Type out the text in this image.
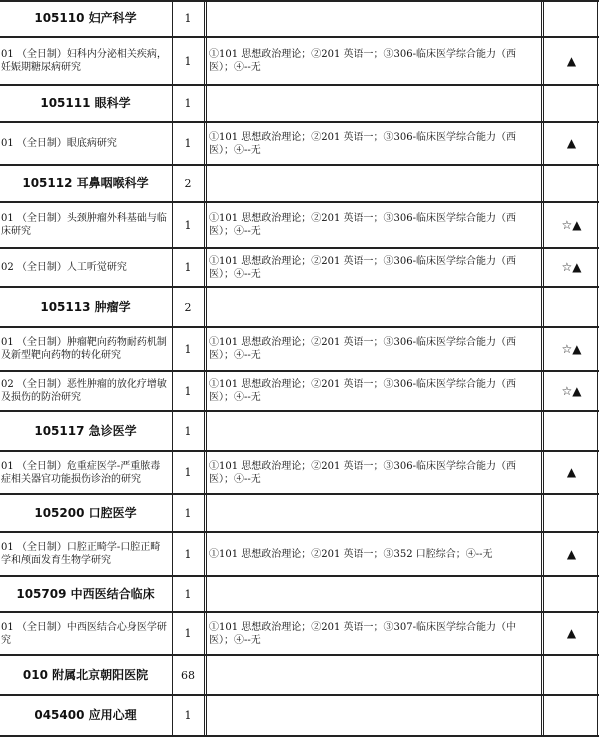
105110 妇产科学	1
01 （全日制）妇科内分泌相关疾病，妊娠期糖尿病研究	1	①101 思想政治理论；②201 英语一；③306-临床医学综合能力（西医）；④--无	▲
105111 眼科学	1
01 （全日制）眼底病研究	1	①101 思想政治理论；②201 英语一；③306-临床医学综合能力（西医）；④--无	▲
105112 耳鼻咽喉科学	2
01 （全日制）头颈肿瘤外科基础与临床研究	1	①101 思想政治理论；②201 英语一；③306-临床医学综合能力（西医）；④--无	☆▲
02 （全日制）人工听觉研究	1	①101 思想政治理论；②201 英语一；③306-临床医学综合能力（西医）；④--无	☆▲
105113 肿瘤学	2
01 （全日制）肿瘤靶向药物耐药机制及新型靶向药物的转化研究	1	①101 思想政治理论；②201 英语一；③306-临床医学综合能力（西医）；④--无	☆▲
02 （全日制）恶性肿瘤的放化疗增敏及损伤的防治研究	1	①101 思想政治理论；②201 英语一；③306-临床医学综合能力（西医）；④--无	☆▲
105117 急诊医学	1
01 （全日制）危重症医学-严重脓毒症相关器官功能损伤诊治的研究	1	①101 思想政治理论；②201 英语一；③306-临床医学综合能力（西医）；④--无	▲
105200 口腔医学	1
01 （全日制）口腔正畸学-口腔正畸学和颅面发育生物学研究	1	①101 思想政治理论；②201 英语一；③352 口腔综合；④--无	▲
105709 中西医结合临床	1
01 （全日制）中西医结合心身医学研究	1	①101 思想政治理论；②201 英语一；③307-临床医学综合能力（中医）；④--无	▲
010 附属北京朝阳医院	68
045400 应用心理	1
